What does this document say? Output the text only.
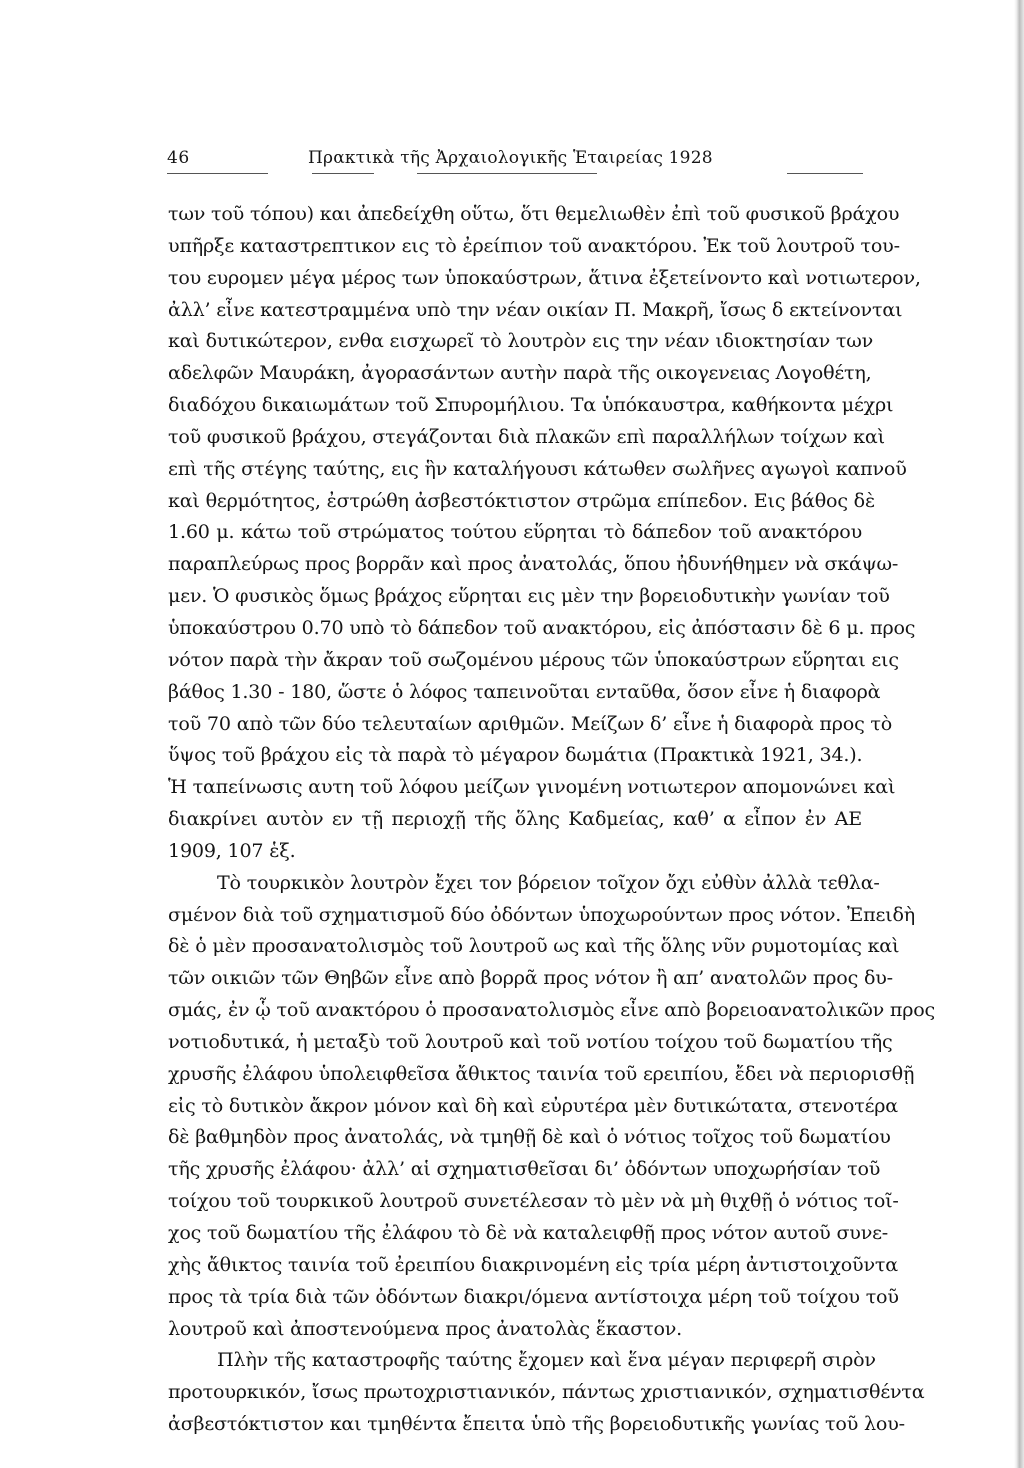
46	Πρακτικὰ τῆς Ἀρχαιολογικῆς Ἑταιρείας 1928
των τοῦ τόπου) και ἀπεδείχθη οὕτω, ὅτι θεμελιωθὲν ἐπὶ τοῦ φυσικοῦ βράχου
υπῆρξε καταστρεπτικον εις τὸ ἐρείπιον τοῦ ανακτόρου. Ἐκ τοῦ λουτροῦ του-
του ευρομεν μέγα μέρος των ὑποκαύστρων, ἅτινα ἐξετείνοντο καὶ νοτιωτερον,
ἀλλ’ εἶνε κατεστραμμένα υπὸ την νέαν οικίαν Π. Μακρῆ, ἴσως δ εκτείνονται
καὶ δυτικώτερον, ενθα εισχωρεῖ τὸ λουτρὸν εις την νέαν ιδιοκτησίαν των
αδελφῶν Μαυράκη, ἀγορασάντων αυτὴν παρὰ τῆς οικογενειας Λογοθέτη,
διαδόχου δικαιωμάτων τοῦ Σπυρομήλιου. Τα ὑπόκαυστρα, καθήκοντα μέχρι
τοῦ φυσικοῦ βράχου, στεγάζονται διὰ πλακῶν επὶ παραλλήλων τοίχων καὶ
επὶ τῆς στέγης ταύτης, εις ἣν καταλήγουσι κάτωθεν σωλῆνες αγωγοὶ καπνοῦ
καὶ θερμότητος, ἐστρώθη ἀσβεστόκτιστον στρῶμα επίπεδον. Εις βάθος δὲ
1.60 μ. κάτω τοῦ στρώματος τούτου εὕρηται τὸ δάπεδον τοῦ ανακτόρου
παραπλεύρως προς βορρᾶν καὶ προς ἀνατολάς, ὅπου ἠδυνήθημεν νὰ σκάψω-
μεν. Ὁ φυσικὸς ὅμως βράχος εὕρηται εις μὲν την βορειοδυτικὴν γωνίαν τοῦ
ὑποκαύστρου 0.70 υπὸ τὸ δάπεδον τοῦ ανακτόρου, εἰς ἀπόστασιν δὲ 6 μ. προς
νότον παρὰ τὴν ἄκραν τοῦ σωζομένου μέρους τῶν ὑποκαύστρων εὕρηται εις
βάθος 1.30 - 180, ὥστε ὁ λόφος ταπεινοῦται ενταῦθα, ὅσον εἶνε ἡ διαφορὰ
τοῦ 70 απὸ τῶν δύο τελευταίων αριθμῶν. Μείζων δ’ εἶνε ἡ διαφορὰ προς τὸ
ὕψος τοῦ βράχου εἰς τὰ παρὰ τὸ μέγαρον δωμάτια (Πρακτικὰ 1921, 34.).
Ἡ ταπείνωσις αυτη τοῦ λόφου μείζων γινομένη νοτιωτερον απομονώνει καὶ
διακρίνει αυτὸν εν τῇ περιοχῇ τῆς ὅλης Καδμείας, καθ’ α εἶπον ἐν ΑΕ
1909, 107 ἑξ.
Τὸ τουρκικὸν λουτρὸν ἔχει τον βόρειον τοῖχον ὄχι εὐθὺν ἀλλὰ τεθλα-
σμένον διὰ τοῦ σχηματισμοῦ δύο ὀδόντων ὑποχωρούντων προς νότον. Ἐπειδὴ
δὲ ὁ μὲν προσανατολισμὸς τοῦ λουτροῦ ως καὶ τῆς ὅλης νῦν ρυμοτομίας καὶ
τῶν οικιῶν τῶν Θηβῶν εἶνε απὸ βορρᾶ προς νότον ἢ απ’ ανατολῶν προς δυ-
σμάς, ἐν ᾧ τοῦ ανακτόρου ὁ προσανατολισμὸς εἶνε απὸ βορειοανατολικῶν προς
νοτιοδυτικά, ἡ μεταξὺ τοῦ λουτροῦ καὶ τοῦ νοτίου τοίχου τοῦ δωματίου τῆς
χρυσῆς ἐλάφου ὑπολειφθεῖσα ἄθικτος ταινία τοῦ ερειπίου, ἔδει νὰ περιορισθῇ
εἰς τὸ δυτικὸν ἄκρον μόνον καὶ δὴ καὶ εὐρυτέρα μὲν δυτικώτατα, στενοτέρα
δὲ βαθμηδὸν προς ἀνατολάς, νὰ τμηθῇ δὲ καὶ ὁ νότιος τοῖχος τοῦ δωματίου
τῆς χρυσῆς ἐλάφου· ἀλλ’ αἱ σχηματισθεῖσαι δι’ ὀδόντων υποχωρήσίαν τοῦ
τοίχου τοῦ τουρκικοῦ λουτροῦ συνετέλεσαν τὸ μὲν νὰ μὴ θιχθῇ ὁ νότιος τοῖ-
χος τοῦ δωματίου τῆς ἐλάφου τὸ δὲ νὰ καταλειφθῇ προς νότον αυτοῦ συνε-
χὴς ἄθικτος ταινία τοῦ ἐρειπίου διακρινομένη εἰς τρία μέρη ἀντιστοιχοῦντα
προς τὰ τρία διὰ τῶν ὀδόντων διακρι/όμενα αντίστοιχα μέρη τοῦ τοίχου τοῦ
λουτροῦ καὶ ἀποστενούμενα προς ἀνατολὰς ἕκαστον.
Πλὴν τῆς καταστροφῆς ταύτης ἔχομεν καὶ ἕνα μέγαν περιφερῆ σιρὸν
προτουρκικόν, ἴσως πρωτοχριστιανικόν, πάντως χριστιανικόν, σχηματισθέντα
ἀσβεστόκτιστον και τμηθέντα ἔπειτα ὑπὸ τῆς βορειοδυτικῆς γωνίας τοῦ λου-
